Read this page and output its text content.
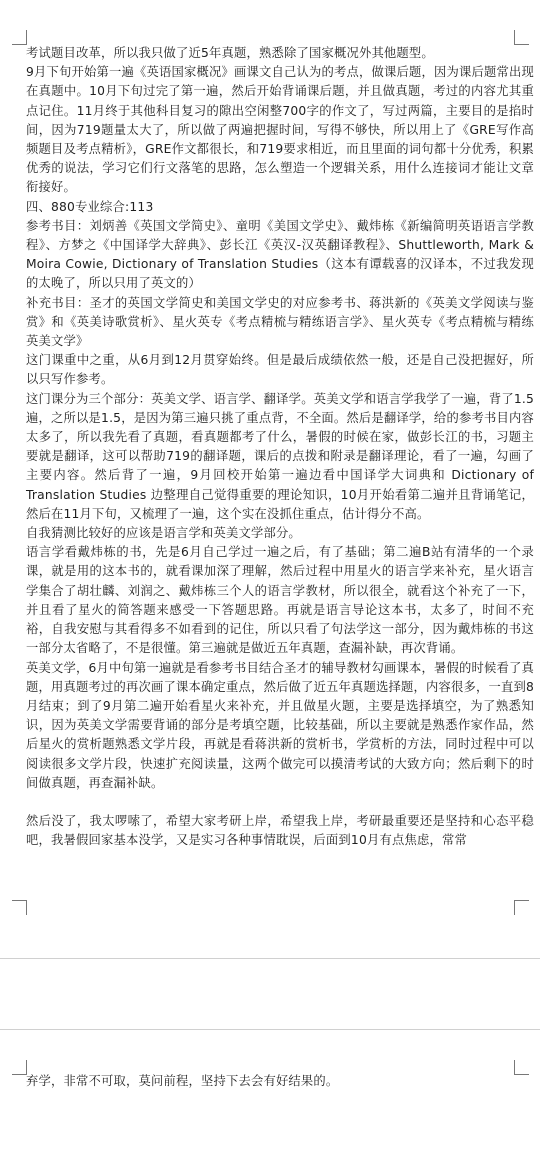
考试题目改革，所以我只做了近5年真题，熟悉除了国家概况外其他题型。

9月下旬开始第一遍《英语国家概况》画课文自己认为的考点，做课后题，因为课后题常出现在真题中。10月下旬过完了第一遍，然后开始背诵课后题，并且做真题，考过的内容尤其重点记住。11月终于其他科目复习的隙出空闲整700字的作文了，写过两篇，主要目的是掐时间，因为719题量太大了，所以做了两遍把握时间，写得不够快，所以用上了《GRE写作高频题目及考点精析》，GRE作文都很长，和719要求相近，而且里面的词句都十分优秀，积累优秀的说法，学习它们行文落笔的思路，怎么塑造一个逻辑关系，用什么连接词才能让文章衔接好。

四、880专业综合:113

参考书目：刘炳善《英国文学简史》、童明《美国文学史》、戴炜栋《新编简明英语语言学教程》、方梦之《中国译学大辞典》、彭长江《英汉-汉英翻译教程》、Shuttleworth, Mark & Moira Cowie, Dictionary of Translation Studies（这本有谭载喜的汉译本，不过我发现的太晚了，所以只用了英文的）

补充书目：圣才的英国文学简史和美国文学史的对应参考书、蒋洪新的《英美文学阅读与鉴赏》和《英美诗歌赏析》、星火英专《考点精梳与精练语言学》、星火英专《考点精梳与精练英美文学》

这门课重中之重，从6月到12月贯穿始终。但是最后成绩依然一般，还是自己没把握好，所以只写作参考。

这门课分为三个部分：英美文学、语言学、翻译学。英美文学和语言学我学了一遍，背了1.5遍，之所以是1.5，是因为第三遍只挑了重点背，不全面。然后是翻译学，给的参考书目内容太多了，所以我先看了真题，看真题都考了什么，暑假的时候在家，做彭长江的书，习题主要就是翻译，这可以帮助719的翻译题，课后的点拨和附录是翻译理论，看了一遍，勾画了主要内容。然后背了一遍，9月回校开始第一遍边看中国译学大词典和 Dictionary of Translation Studies 边整理自己觉得重要的理论知识，10月开始看第二遍并且背诵笔记，然后在11月下旬，又梳理了一遍，这个实在没抓住重点，估计得分不高。

自我猜测比较好的应该是语言学和英美文学部分。

语言学看戴炜栋的书，先是6月自己学过一遍之后，有了基础；第二遍B站有清华的一个录课，就是用的这本书的，就看课加深了理解，然后过程中用星火的语言学来补充，星火语言学集合了胡壮麟、刘润之、戴炜栋三个人的语言学教材，所以很全，就看这个补充了一下，并且看了星火的简答题来感受一下答题思路。再就是语言导论这本书，太多了，时间不充裕，自我安慰与其看得多不如看到的记住，所以只看了句法学这一部分，因为戴炜栋的书这一部分太省略了，不是很懂。第三遍就是做近五年真题，查漏补缺，再次背诵。

英美文学，6月中旬第一遍就是看参考书目结合圣才的辅导教材勾画课本，暑假的时候看了真题，用真题考过的再次画了课本确定重点，然后做了近五年真题选择题，内容很多，一直到8月结束；到了9月第二遍开始看星火来补充，并且做星火题，主要是选择填空，为了熟悉知识，因为英美文学需要背诵的部分是考填空题，比较基础，所以主要就是熟悉作家作品，然后星火的赏析题熟悉文学片段，再就是看蒋洪新的赏析书，学赏析的方法，同时过程中可以阅读很多文学片段，快速扩充阅读量，这两个做完可以摸清考试的大致方向；然后剩下的时间做真题，再查漏补缺。

然后没了，我太啰嗦了，希望大家考研上岸，希望我上岸，考研最重要还是坚持和心态平稳吧，我暑假回家基本没学，又是实习各种事情耽误，后面到10月有点焦虑，常常

弃学，非常不可取，莫问前程，坚持下去会有好结果的。
